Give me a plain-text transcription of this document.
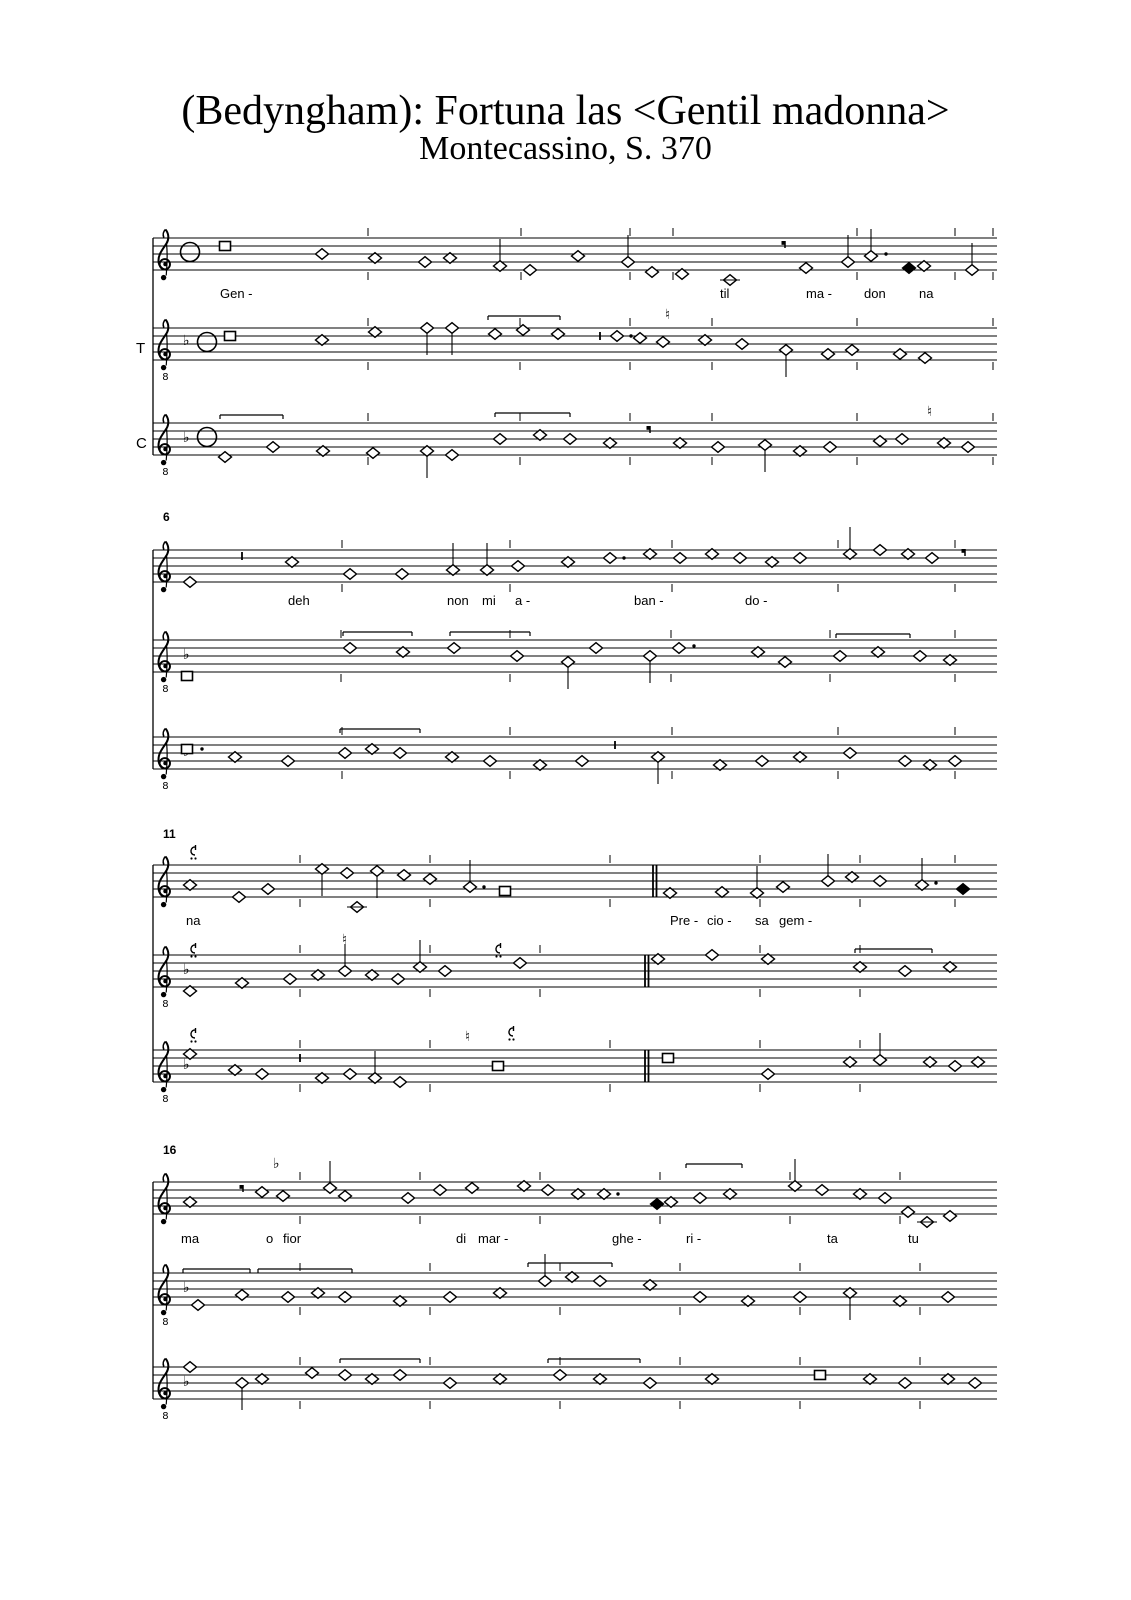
(Bedyngham): Fortuna las <Gentil madonna>
Montecassino, S. 370
T
8
♭
♮
C
8
♭
♮
Gen -	til	ma - don	na
6
8
♭
8
deh	non mi a -	ban -	do -
11
8
♭
♮
8
♭
♮
na	Pre - cio - sa gem -
16
♭
8
♭
8
♭
ma	o fior	di mar -	ghe -	ri -	ta	tu
